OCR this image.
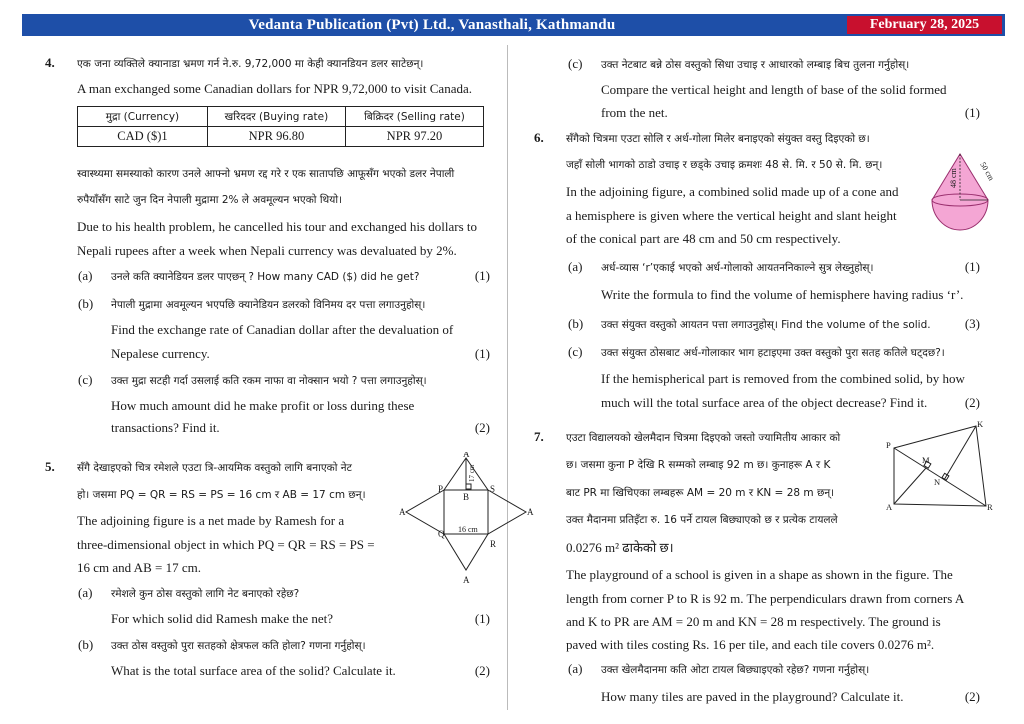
Vedanta Publication (Pvt) Ltd., Vanasthali, Kathmandu	February 28, 2025
4. एक जना व्यक्तिले क्यानाडा भ्रमण गर्न ने.रु. 9,72,000 मा केही क्यानडियन डलर साटेछन्।
A man exchanged some Canadian dollars for NPR 9,72,000 to visit Canada.
मुद्रा (Currency)	खरिददर (Buying rate)	बिक्रिदर (Selling rate)
CAD ($)1	NPR 96.80	NPR 97.20
स्वास्थ्यमा समस्याको कारण उनले आफ्नो भ्रमण रद्द गरे र एक सातापछि आफूसँग भएको डलर नेपाली
रुपैयाँसँग साटे जुन दिन नेपाली मुद्रामा 2% ले अवमूल्यन भएको थियो।
Due to his health problem, he cancelled his tour and exchanged his dollars to
Nepali rupees after a week when Nepali currency was devaluated by 2%.
(a) उनले कति क्यानेडियन डलर पाएछन् ? How many CAD ($) did he get?	(1)
(b) नेपाली मुद्रामा अवमूल्यन भएपछि क्यानेडियन डलरको विनिमय दर पत्ता लगाउनुहोस्।
Find the exchange rate of Canadian dollar after the devaluation of
Nepalese currency.	(1)
(c) उक्त मुद्रा सटही गर्दा उसलाई कति रकम नाफा वा नोक्सान भयो ? पत्ता लगाउनुहोस्।
How much amount did he make profit or loss during these
transactions? Find it.	(2)
5. सँगै देखाइएको चित्र रमेशले एउटा त्रि-आयमिक वस्तुको लागि बनाएको नेट
हो। जसमा PQ = QR = RS = PS = 16 cm र AB = 17 cm छन्।
The adjoining figure is a net made by Ramesh for a
three-dimensional object in which PQ = QR = RS = PS =
16 cm and AB = 17 cm.
(a) रमेशले कुन ठोस वस्तुको लागि नेट बनाएको रहेछ?
For which solid did Ramesh make the net?	(1)
(b) उक्त ठोस वस्तुको पुरा सतहको क्षेत्रफल कति होला? गणना गर्नुहोस्।
What is the total surface area of the solid? Calculate it.	(2)
A
A	A
A
P	S
Q
R
B
16 cm
17 cm
(c) उक्त नेटबाट बन्ने ठोस वस्तुको सिधा उचाइ र आधारको लम्बाइ बिच तुलना गर्नुहोस्।
Compare the vertical height and length of base of the solid formed
from the net.	(1)
6. सँगैको चित्रमा एउटा सोलि र अर्ध-गोला मिलेर बनाइएको संयुक्त वस्तु दिइएको छ।
जहाँ सोली भागको ठाडो उचाइ र छड्के उचाइ क्रमशः 48 से. मि. र 50 से. मि. छन्।
In the adjoining figure, a combined solid made up of a cone and
a hemisphere is given where the vertical height and slant height
of the conical part are 48 cm and 50 cm respectively.
(a) अर्ध-व्यास ‘r’एकाई भएको अर्ध-गोलाको आयतननिकाल्ने सुत्र लेख्नुहोस्।	(1)
Write the formula to find the volume of hemisphere having radius ‘r’.
(b) उक्त संयुक्त वस्तुको आयतन पत्ता लगाउनुहोस्। Find the volume of the solid.	(3)
(c) उक्त संयुक्त ठोसबाट अर्ध-गोलाकार भाग हटाइएमा उक्त वस्तुको पुरा सतह कतिले घट्दछ?।
If the hemispherical part is removed from the combined solid, by how
much will the total surface area of the object decrease? Find it.	(2)
48 cm	50 cm
7. एउटा विद्यालयको खेलमैदान चित्रमा दिइएको जस्तो ज्यामितीय आकार को
छ। जसमा कुना P देखि R सम्मको लम्बाइ 92 m छ। कुनाहरू A र K
बाट PR मा खिचिएका लम्बहरू AM = 20 m र KN = 28 m छन्।
उक्त मैदानमा प्रतिइँटा रु. 16 पर्ने टायल बिछ्याएको छ र प्रत्येक टायलले
0.0276 m² ढाकेको छ।
The playground of a school is given in a shape as shown in the figure. The
length from corner P to R is 92 m. The perpendiculars drawn from corners A
and K to PR are AM = 20 m and KN = 28 m respectively. The ground is
paved with tiles costing Rs. 16 per tile, and each tile covers 0.0276 m².
(a) उक्त खेलमैदानमा कति ओटा टायल बिछ्याइएको रहेछ? गणना गर्नुहोस्।
How many tiles are paved in the playground? Calculate it.	(2)
K
P
M
N
A	R
